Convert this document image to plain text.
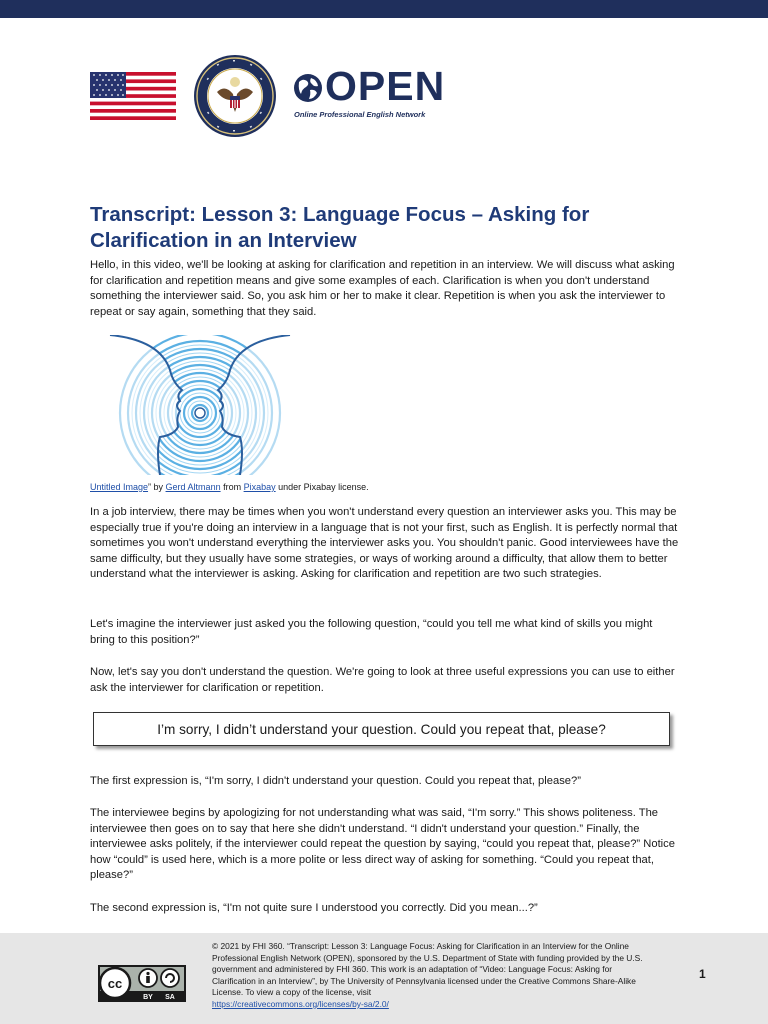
OPEN
Online Professional English Network
Transcript: Lesson 3: Language Focus – Asking for Clarification in an Interview

Hello, in this video, we'll be looking at asking for clarification and repetition in an interview. We will discuss what asking for clarification and repetition means and give some examples of each. Clarification is when you don't understand something the interviewer said. So, you ask him or her to make it clear. Repetition is when you ask the interviewer to repeat or say again, something that they said.

Untitled Image” by Gerd Altmann from Pixabay under Pixabay license.

In a job interview, there may be times when you won't understand every question an interviewer asks you. This may be especially true if you're doing an interview in a language that is not your first, such as English. It is perfectly normal that sometimes you won't understand everything the interviewer asks you. You shouldn't panic. Good interviewees have the same difficulty, but they usually have some strategies, or ways of working around a difficulty, that allow them to better understand what the interviewer is asking. Asking for clarification and repetition are two such strategies.

Let's imagine the interviewer just asked you the following question, “could you tell me what kind of skills you might bring to this position?”

Now, let's say you don't understand the question. We're going to look at three useful expressions you can use to either ask the interviewer for clarification or repetition.

I’m sorry, I didn’t understand your question. Could you repeat that, please?

The first expression is, “I'm sorry, I didn't understand your question. Could you repeat that, please?”

The interviewee begins by apologizing for not understanding what was said, “I'm sorry.” This shows politeness. The interviewee then goes on to say that here she didn't understand. “I didn't understand your question.” Finally, the interviewee asks politely, if the interviewer could repeat the question by saying, “could you repeat that, please?” Notice how “could” is used here, which is a more polite or less direct way of asking for something. “Could you repeat that, please?”

The second expression is, “I'm not quite sure I understood you correctly. Did you mean...?”

cc
BY SA
© 2021 by FHI 360. “Transcript: Lesson 3: Language Focus: Asking for Clarification in an Interview for the Online Professional English Network (OPEN), sponsored by the U.S. Department of State with funding provided by the U.S. government and administered by FHI 360. This work is an adaptation of “Video: Language Focus: Asking for Clarification in an Interview”, by The University of Pennsylvania licensed under the Creative Commons Share-Alike License. To view a copy of the license, visit
https://creativecommons.org/licenses/by-sa/2.0/
1
